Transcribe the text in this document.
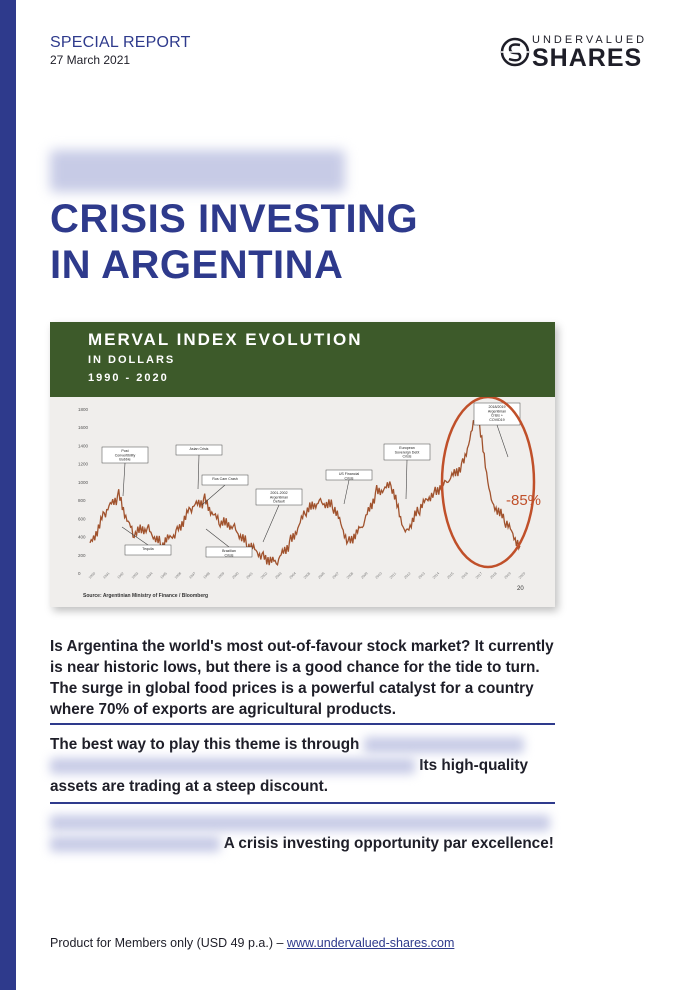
SPECIAL REPORT
27 March 2021
UNDERVALUED
SHARES
CRISIS INVESTING
IN ARGENTINA
MERVAL INDEX EVOLUTION
IN DOLLARS
1990 - 2020
1800
1600
1400
1200
1000
800
600
400
200
0 1990 1991 1992 1993 1994 1995 1996 1997 1998 1999 2000 2001 2002 2003 2004 2005 2006 2007 2008 2009 2010 2011 2012 2013 2014 2015 2016 2017 2018 2019 2020
Post Convertibility Bubble
Tequila
Asian Crisis
Rus Cam Crash
Brazilian Crisis
2001-2002 Argentinian Default
US Financial Crisis
European Sovereign Debt Crisis
2018/2019 Argentinian Crisis + COVID19
-85%
Source: Argentinian Ministry of Finance / Bloomberg
20
Is Argentina the world's most out-of-favour stock market? It currently is near historic lows, but there is a good chance for the tide to turn. The surge in global food prices is a powerful catalyst for a country where 70% of exports are agricultural products.
The best way to play this theme is through
Its high-quality
assets are trading at a steep discount.

A crisis investing opportunity par excellence!
Product for Members only (USD 49 p.a.) – www.undervalued-shares.com
